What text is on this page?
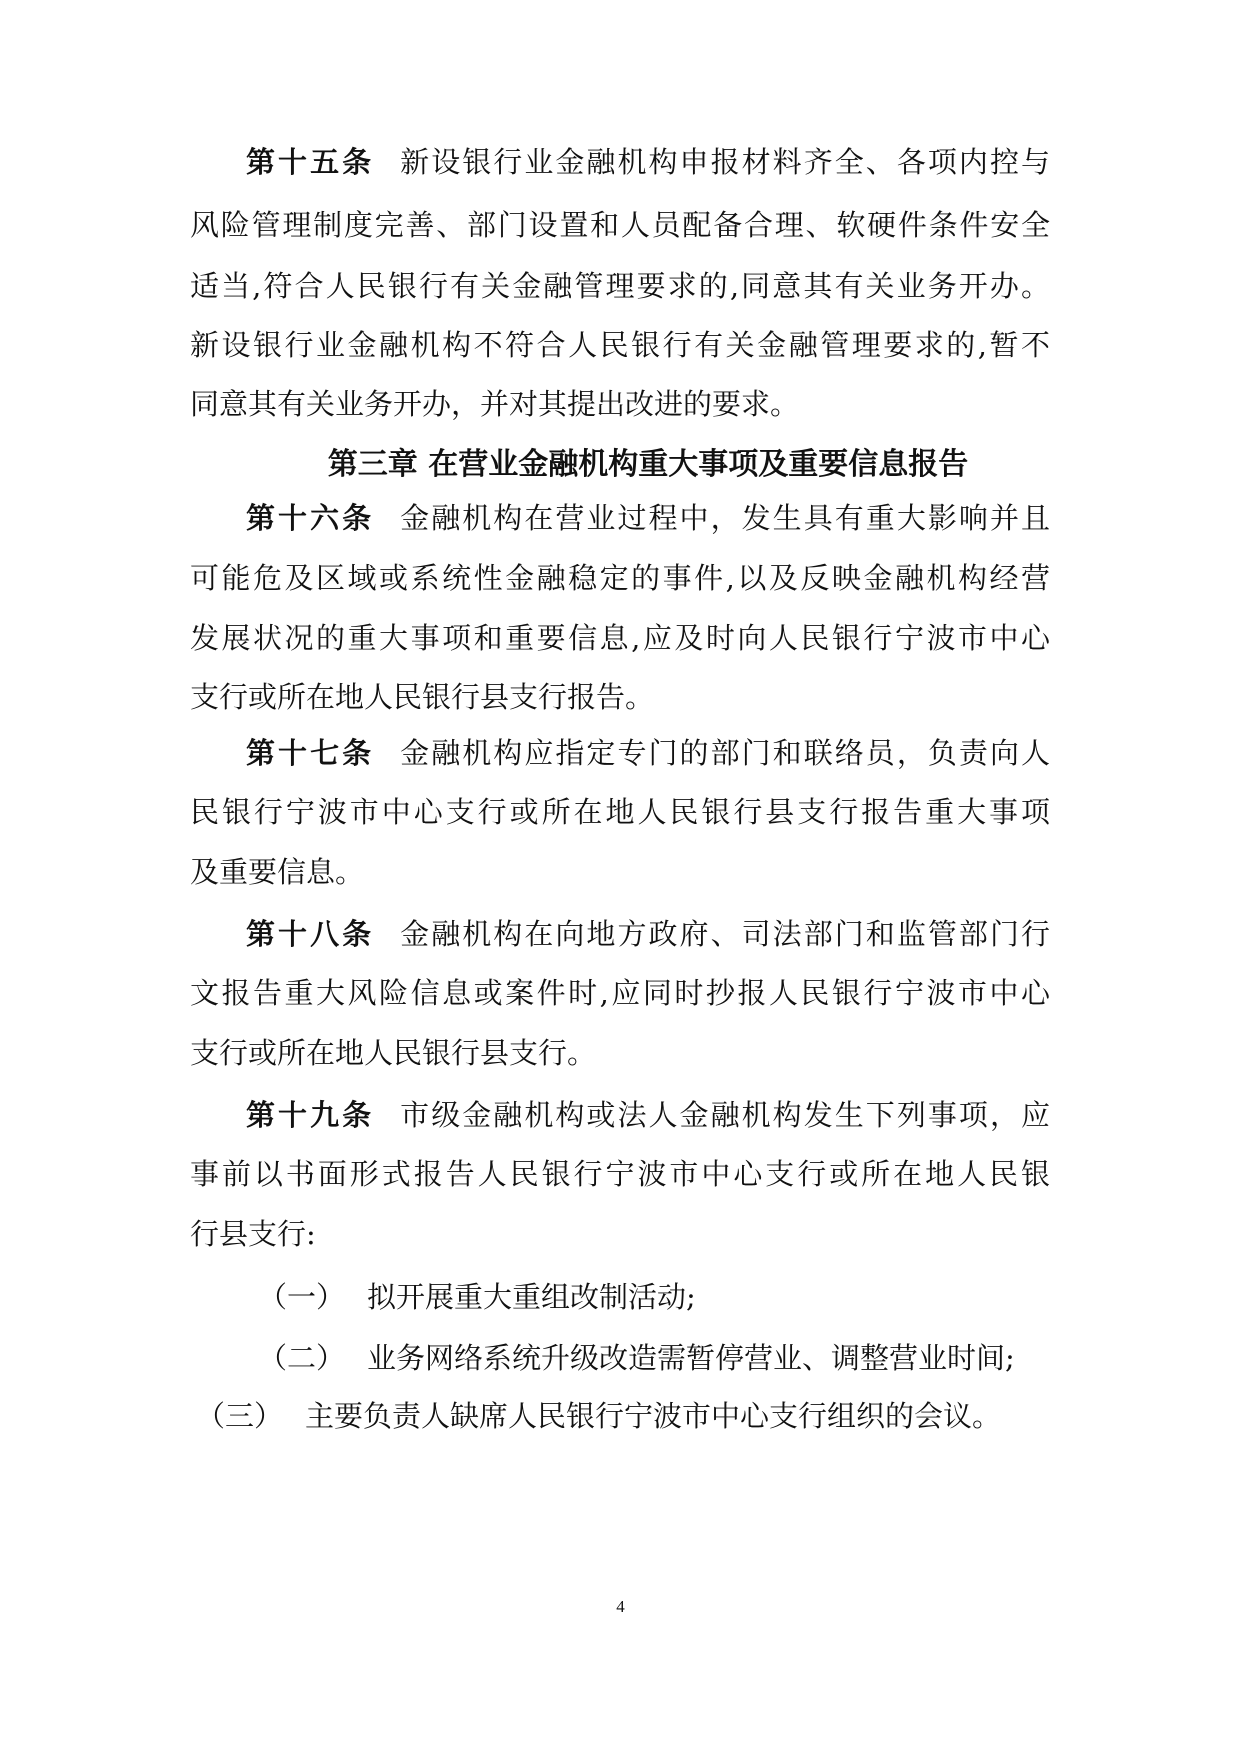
第十五条 新设银行业金融机构申报材料齐全、各项内控与
风险管理制度完善、部门设置和人员配备合理、软硬件条件安全
适当,符合人民银行有关金融管理要求的,同意其有关业务开办。
新设银行业金融机构不符合人民银行有关金融管理要求的,暂不
同意其有关业务开办，并对其提出改进的要求。
第三章 在营业金融机构重大事项及重要信息报告
第十六条 金融机构在营业过程中，发生具有重大影响并且
可能危及区域或系统性金融稳定的事件,以及反映金融机构经营
发展状况的重大事项和重要信息,应及时向人民银行宁波市中心
支行或所在地人民银行县支行报告。
第十七条 金融机构应指定专门的部门和联络员，负责向人
民银行宁波市中心支行或所在地人民银行县支行报告重大事项
及重要信息。
第十八条 金融机构在向地方政府、司法部门和监管部门行
文报告重大风险信息或案件时,应同时抄报人民银行宁波市中心
支行或所在地人民银行县支行。
第十九条 市级金融机构或法人金融机构发生下列事项，应
事前以书面形式报告人民银行宁波市中心支行或所在地人民银
行县支行:
（一） 拟开展重大重组改制活动;
（二） 业务网络系统升级改造需暂停营业、调整营业时间;
（三） 主要负责人缺席人民银行宁波市中心支行组织的会议。
4
